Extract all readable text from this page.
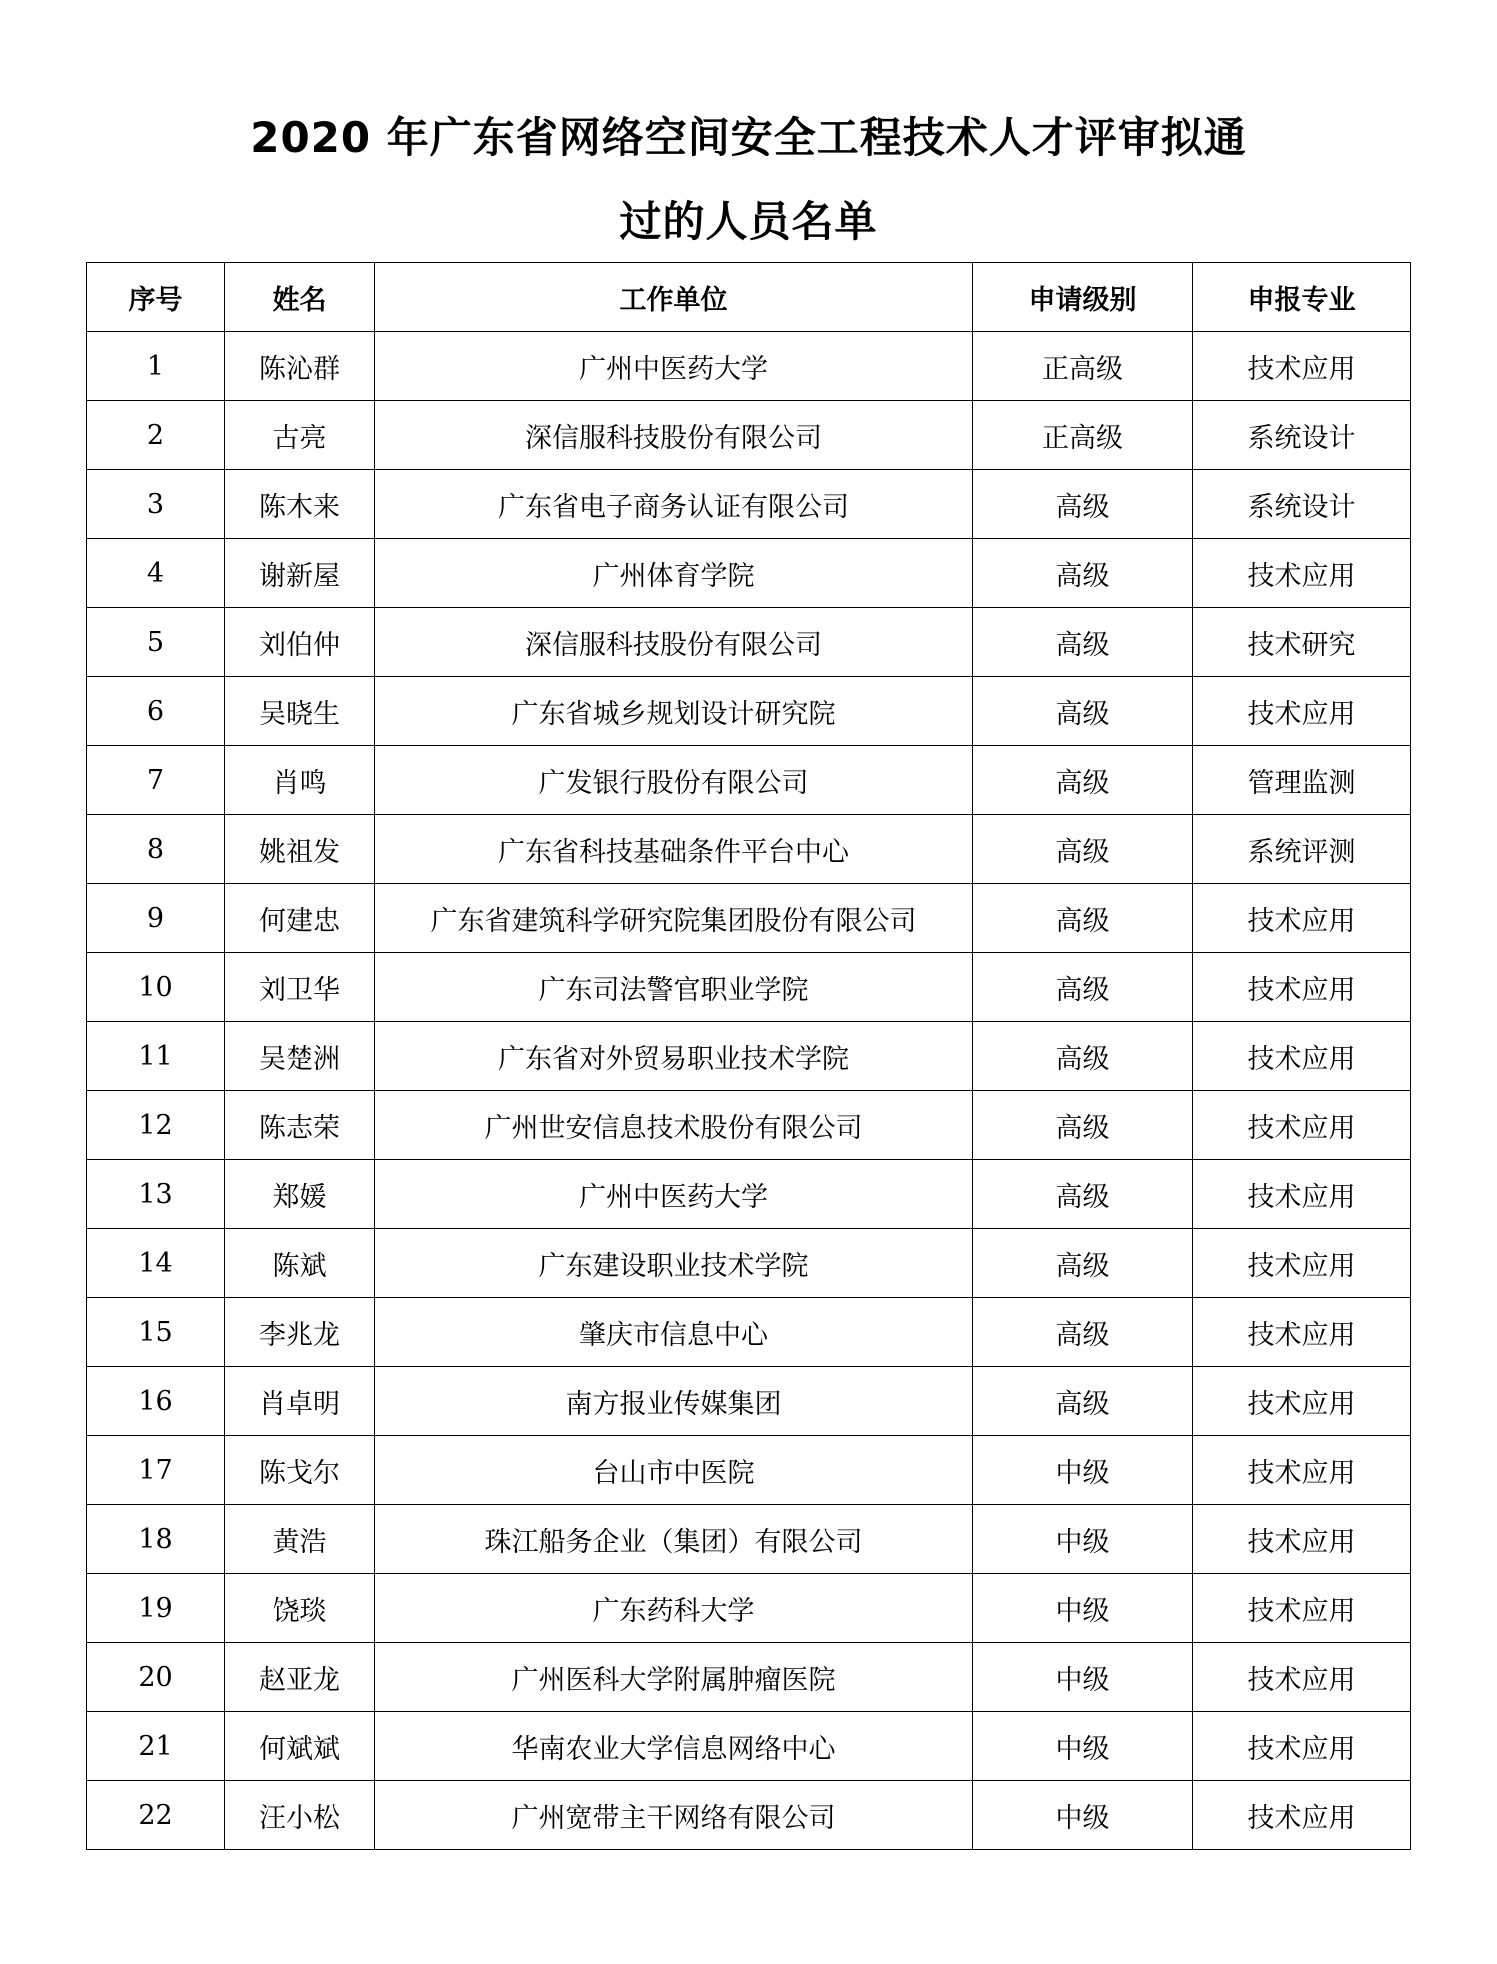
2020 年广东省网络空间安全工程技术人才评审拟通
过的人员名单
序号	姓名	工作单位	申请级别	申报专业
1	陈沁群	广州中医药大学	正高级	技术应用
2	古亮	深信服科技股份有限公司	正高级	系统设计
3	陈木来	广东省电子商务认证有限公司	高级	系统设计
4	谢新屋	广州体育学院	高级	技术应用
5	刘伯仲	深信服科技股份有限公司	高级	技术研究
6	吴晓生	广东省城乡规划设计研究院	高级	技术应用
7	肖鸣	广发银行股份有限公司	高级	管理监测
8	姚祖发	广东省科技基础条件平台中心	高级	系统评测
9	何建忠	广东省建筑科学研究院集团股份有限公司	高级	技术应用
10	刘卫华	广东司法警官职业学院	高级	技术应用
11	吴楚洲	广东省对外贸易职业技术学院	高级	技术应用
12	陈志荣	广州世安信息技术股份有限公司	高级	技术应用
13	郑媛	广州中医药大学	高级	技术应用
14	陈斌	广东建设职业技术学院	高级	技术应用
15	李兆龙	肇庆市信息中心	高级	技术应用
16	肖卓明	南方报业传媒集团	高级	技术应用
17	陈戈尔	台山市中医院	中级	技术应用
18	黄浩	珠江船务企业（集团）有限公司	中级	技术应用
19	饶琰	广东药科大学	中级	技术应用
20	赵亚龙	广州医科大学附属肿瘤医院	中级	技术应用
21	何斌斌	华南农业大学信息网络中心	中级	技术应用
22	汪小松	广州宽带主干网络有限公司	中级	技术应用
